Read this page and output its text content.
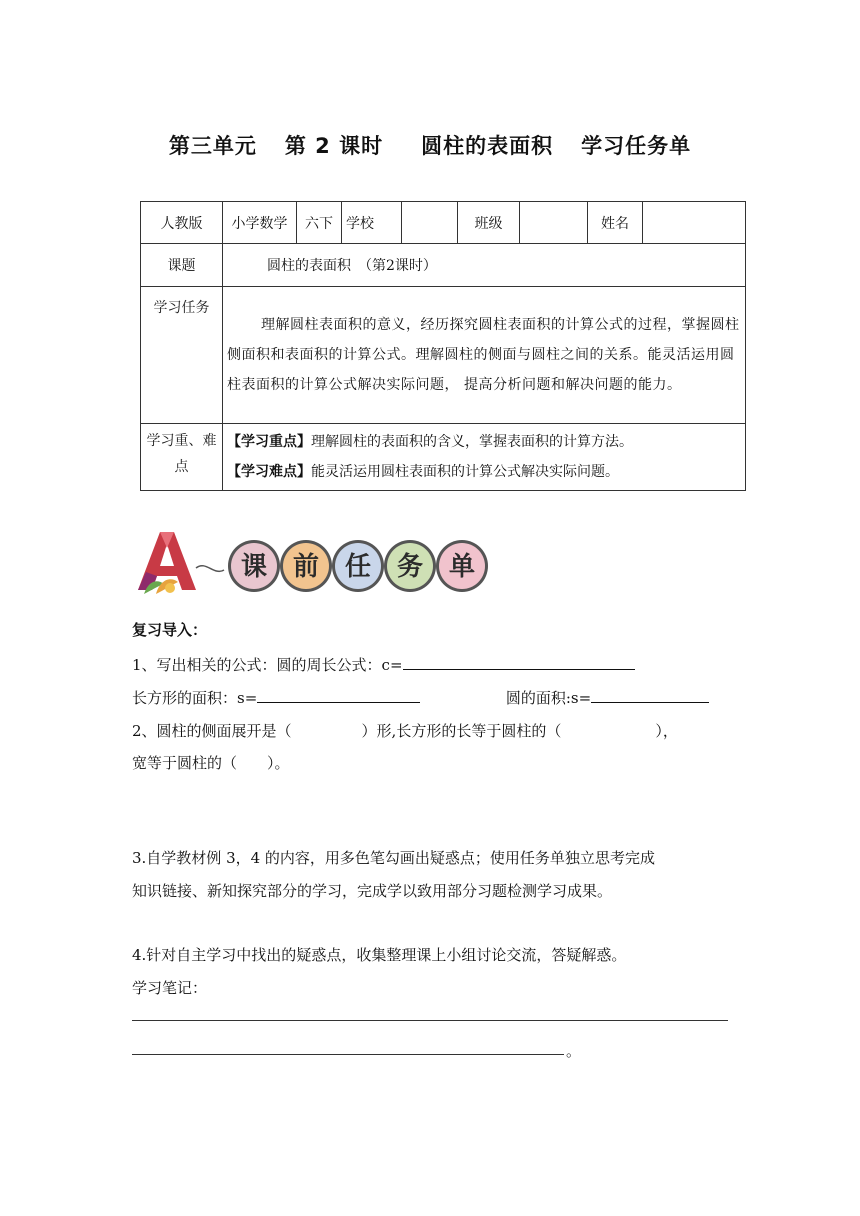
第三单元 第 2 课时 圆柱的表面积 学习任务单
人教版	小学数学	六下	学校		班级		姓名	
课题	圆柱的表面积　（第2课时）							
学习任务	理解圆柱表面积的意义，经历探究圆柱表面积的计算公式的过程，掌握圆柱侧面积和表面积的计算公式。理解圆柱的侧面与圆柱之间的关系。能灵活运用圆柱表面积的计算公式解决实际问题， 提高分析问题和解决问题的能力。							
学习重、难点	【学习重点】理解圆柱的表面积的含义，掌握表面积的计算方法。
【学习难点】能灵活运用圆柱表面积的计算公式解决实际问题。							
课 前 任 务 单
复习导入：
1、写出相关的公式：圆的周长公式：c=
长方形的面积：s=	圆的面积:s=
2、圆柱的侧面展开是（	）形,长方形的长等于圆柱的（	），
宽等于圆柱的（　　）。
3.自学教材例 3，4 的内容，用多色笔勾画出疑惑点；使用任务单独立思考完成
知识链接、新知探究部分的学习，完成学以致用部分习题检测学习成果。
4.针对自主学习中找出的疑惑点，收集整理课上小组讨论交流，答疑解惑。
学习笔记：
。
